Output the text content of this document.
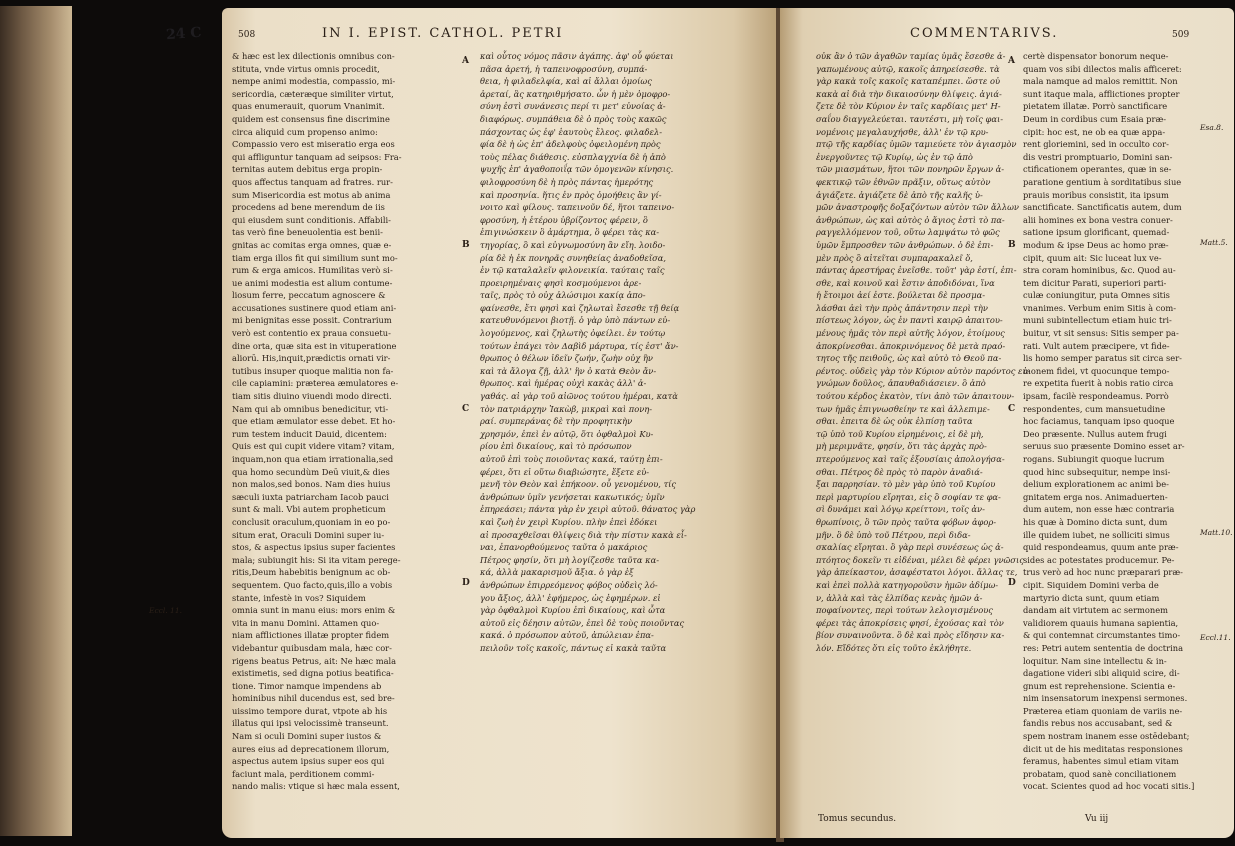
24 C	508	IN I. EPIST. CATHOL. PETRI
& hæc est lex dilectionis omnibus con-
stituta, vnde virtus omnis procedit,
nempe animi modestia, compassio, mi-
sericordia, cæteræque similiter virtut,
quas enumerauit, quorum Vnanimit.
quidem est consensus fine discrimine
circa aliquid cum propenso animo:
Compassio vero est miseratio erga eos
qui affliguntur tanquam ad seipsos: Fra-
ternitas autem debitus erga propin-
quos affectus tanquam ad fratres. rur-
sum Misericordia est motus ab anima
procedens ad bene merendum de iis
qui eiusdem sunt conditionis. Affabili-
tas verò fine beneuolentia est benii-
gnitas ac comitas erga omnes, quæ e-
tiam erga illos fit qui similium sunt mo-
rum & erga amicos. Humilitas verò si-
ue animi modestia est alium contume-
liosum ferre, peccatum agnoscere &
accusationes sustinere quod etiam ani-
mi benignitas esse possit. Contrarium
verò est contentio ex praua consuetu-
dine orta, quæ sita est in vituperatione
aliorū. His,inquit,prædictis ornati vir-
tutibus insuper quoque malitia non fa-
cile capiamini: præterea æmulatores e-
tiam sitis diuino viuendi modo directi.
Nam qui ab omnibus benedicitur, vti-
que etiam æmulator esse debet. Et ho-
rum testem inducit Dauid, dicentem:
Quis est qui cupit videre vitam? vitam,
inquam,non qua etiam irrationalia,sed
qua homo secundùm Deū viuit,& dies
non malos,sed bonos. Nam dies huius
sæculi iuxta patriarcham Iacob pauci
sunt & mali. Vbi autem propheticum
conclusit oraculum,quoniam in eo po-
situm erat, Oraculi Domini super iu-
stos, & aspectus ipsius super facientes
mala; subiungit his: Si ita vitam perege-
ritis,Deum habebitis benignum ac ob-
sequentem. Quo facto,quis,illo a vobis
stante, infestè in vos? Siquidem
omnia sunt in manu eius: mors enim &
vita in manu Domini. Attamen quo-
niam afflictiones illatæ propter fidem
videbantur quibusdam mala, hæc cor-
rigens beatus Petrus, ait: Ne hæc mala
existimetis, sed digna potius beatifica-
tione. Timor namque impendens ab
hominibus nihil ducendus est, sed bre-
uissimo tempore durat, vtpote ab his
illatus qui ipsi velocissimè transeunt.
Nam si oculi Domini super iustos &
aures eius ad deprecationem illorum,
aspectus autem ipsius super eos qui
faciunt mala, perditionem commi-
nando malis: vtique si hæc mala essent,
A
B
C
D
καὶ οὗτος νόμος πᾶσιν ἀγάπης. ἀφ' οὗ φύεται
πᾶσα ἀρετή, ἡ ταπεινοφροσύνη, συμπά-
θεια, ἡ φιλαδελφία, καὶ αἱ ἄλλαι ὁμοίως
ἀρεταί, ἃς κατηριθμήσατο. ὧν ἡ μὲν ὁμοφρο-
σύνη ἐστὶ συνάνεσις περί τι μετ' εὐνοίας ἀ-
διαφόρως. συμπάθεια δὲ ὁ πρὸς τοὺς κακῶς
πάσχοντας ὡς ἐφ' ἑαυτοὺς ἔλεος. φιλαδελ-
φία δὲ ἡ ὡς ἐπ' ἀδελφοὺς ὀφειλομένη πρὸς
τοὺς πέλας διάθεσις. εὐσπλαγχνία δὲ ἡ ἀπὸ
ψυχῆς ἐπ' ἀγαθοποιΐᾳ τῶν ὁμογενῶν κίνησις.
φιλοφροσύνη δὲ ἡ πρὸς πάντας ἡμερότης
καὶ προσηνία. ἥτις ἐν πρὸς ὁμοήθεις ἂν γί-
νοιτο καὶ φίλους. ταπεινοῦν δέ, ἥτοι ταπεινο-
φροσύνη, ἡ ἑτέρου ὑβρίζοντος φέρειν, ὃ
ἐπιγινώσκειν ὃ ἁμάρτημα, ὃ φέρει τὰς κα-
τηγορίας, ὃ καὶ εὐγνωμοσύνη ἂν εἴη. λοιδο-
ρία δὲ ἡ ἐκ πονηρᾶς συνηθείας ἀναδοθεῖσα,
ἐν τῷ καταλαλεῖν φιλονεικία. ταύταις ταῖς
προειρημέναις φησὶ κοσμούμενοι ἀρε-
ταῖς, πρὸς τὸ οὐχ ἁλώσιμοι κακίᾳ ἀπο-
φαίνεσθε, ἔτι φησὶ καὶ ζηλωταὶ ἔσεσθε τῇ θείᾳ
κατευθυνόμενοι βιοτῇ. ὁ γὰρ ὑπὸ πάντων εὐ-
λογούμενος, καὶ ζηλωτὴς ὀφείλει. ἐν τούτῳ
τούτων ἐπάγει τὸν Δαβὶδ μάρτυρα, τίς ἐστ' ἄν-
θρωπος ὁ θέλων ἰδεῖν ζωήν, ζωὴν οὐχ ἣν
καὶ τὰ ἄλογα ζῇ, ἀλλ' ἣν ὁ κατὰ Θεὸν ἄν-
θρωπος. καὶ ἡμέρας οὐχὶ κακὰς ἀλλ' ἀ-
γαθάς. αἱ γὰρ τοῦ αἰῶνος τούτου ἡμέραι, κατὰ
τὸν πατριάρχην Ἰακὼβ, μικραὶ καὶ πονη-
ραί. συμπεράνας δὲ τὴν προφητικὴν
χρησμόν, ἐπεὶ ἐν αὐτῷ, ὅτι ὀφθαλμοὶ Κυ-
ρίου ἐπὶ δικαίους, καὶ τὸ πρόσωπον
αὐτοῦ ἐπὶ τοὺς ποιοῦντας κακά, ταύτῃ ἐπι-
φέρει, ὅτι εἰ οὕτω διαβιώσητε, ἕξετε εὐ-
μενῆ τὸν Θεὸν καὶ ἐπήκοον. οὗ γενομένου, τίς
ἀνθρώπων ὑμῖν γενήσεται κακωτικός; ὑμῖν
ἐπηρεάσει; πάντα γὰρ ἐν χειρὶ αὐτοῦ. θάνατος γὰρ
καὶ ζωὴ ἐν χειρὶ Κυρίου. πλὴν ἐπεὶ ἐδόκει
αἱ προσαχθεῖσαι θλίψεις διὰ τὴν πίστιν κακὰ εἶ-
ναι, ἐπανορθούμενος ταῦτα ὁ μακάριος
Πέτρος φησίν, ὅτι μὴ λογίζεσθε ταῦτα κα-
κά, ἀλλὰ μακαρισμοῦ ἄξια. ὁ γὰρ ἐξ
ἀνθρώπων ἐπιρρεόμενος φόβος οὐδεὶς λό-
γου ἄξιος, ἀλλ' ἐφήμερος, ὡς ἐφημέρων. εἰ
γὰρ ὀφθαλμοὶ Κυρίου ἐπὶ δικαίους, καὶ ὦτα
αὐτοῦ εἰς δέησιν αὐτῶν, ἐπεὶ δὲ τοὺς ποιοῦντας
κακά. ὁ πρόσωπον αὐτοῦ, ἀπώλειαν ἐπα-
πειλοῦν τοῖς κακοῖς, πάντως εἰ κακὰ ταῦτα
Eccl. 11.
COMMENTARIVS.	509
οὐκ ἂν ὁ τῶν ἀγαθῶν ταμίας ὑμᾶς ἔσεσθε ἀ-
γαπωμένους αὐτῷ, κακοῖς ἀπηρείσεσθε. τὰ
γὰρ κακὰ τοῖς κακοῖς καταπέμπει. ὥστε οὐ
κακὰ αἱ διὰ τὴν δικαιοσύνην θλίψεις. ἀγιά-
ζετε δὲ τὸν Κύριον ἐν ταῖς καρδίαις μετ' Η-
σαΐου διαγγελεύεται. ταυτέστι, μὴ τοῖς φαι-
νομένοις μεγαλαυχήσθε, ἀλλ' ἐν τῷ κρυ-
πτῷ τῆς καρδίας ὑμῶν ταμιεύετε τὸν ἁγιασμὸν
ἐνεργοῦντες τῷ Κυρίῳ, ὡς ἐν τῷ ἀπὸ
τῶν μιασμάτων, ἥτοι τῶν πονηρῶν ἔργων ἀ-
φεκτικῷ τῶν ἐθνῶν πρᾶξιν, οὕτως αὐτὸν
ἁγιάζετε. ἁγιάζετε δὲ ἀπὸ τῆς καλῆς ὑ-
μῶν ἀναστροφῆς δοξαζόντων αὐτὸν τῶν ἄλλων
ἀνθρώπων, ὡς καὶ αὐτὸς ὁ ἅγιος ἐστὶ τὸ πα-
ραγγελλόμενον τοῦ, οὕτω λαμψάτω τὸ φῶς
ὑμῶν ἔμπροσθεν τῶν ἀνθρώπων. ὁ δὲ ἐπι-
μὲν πρὸς ὃ αἰτεῖται συμπαρακαλεῖ ὅ,
πάντας ἀρεστήρας ἐνεῖσθε. τοῦτ' γὰρ ἐστί, ἐπι-
σθε, καὶ κοινοῦ καὶ ἔστιν ἀποδιδόναι, ἵνα
ἡ ἔτοιμοι ἀεί ἐστε. βούλεται δὲ προσμα-
λάσθαι ἀεὶ τὴν πρὸς ἀπάντησιν περὶ τὴν
πίστεως λόγον, ὡς ἐν παντὶ καιρῷ ἀπαιτου-
μένους ἡμᾶς τὸν περὶ αὐτῆς λόγον, ἑτοίμους
ἀποκρίνεσθαι. ἀποκρινόμενος δὲ μετὰ πραό-
τητος τῆς πειθοῦς, ὡς καὶ αὐτὸ τὸ Θεοῦ πα-
ρέντος. οὐδεὶς γὰρ τὸν Κύριον αὐτὸν παρόντος εὐ-
γνώμων δοῦλος, ἀπαυθαδιάσειεν. ὃ ἀπὸ
τούτου κέρδος ἑκατὸν, τίνι ἀπὸ τῶν ἀπαιτουν-
των ἡμᾶς ἐπιγνωσθείην τε καὶ ἀλλεπιμε-
σθαι. ἐπειτα δὲ ὡς οὐκ ἐλπίσῃ ταῦτα
τῷ ὑπὸ τοῦ Κυρίου εἰρημένοις, εἰ δὲ μὴ,
μὴ μεριμνᾶτε, φησίν, ὅτι τὰς ἀρχὰς πρὸ-
πτερούμενος καὶ ταῖς ἐξουσίαις ἀπολογήσα-
σθαι. Πέτρος δὲ πρὸς τὸ παρὸν ἀναδιά-
ξαι παρρησίαν. τὸ μὲν γὰρ ὑπὸ τοῦ Κυρίου
περὶ μαρτυρίου εἴρηται, εἰς ὃ σοφίαν τε φα-
σὶ δυνάμει καὶ λόγῳ κρείττονι, τοῖς ἀν-
θρωπίνοις, ὃ τῶν πρὸς ταῦτα φόβων ἀφορ-
μῆν. ὃ δὲ ὑπὸ τοῦ Πέτρου, περὶ διδα-
σκαλίας εἴρηται. ὃ γὰρ περὶ συνέσεως ὡς ἀ-
πτόητος δοκεῖν τι εἰδέναι, μέλει δὲ φέρει γνῶσις
γὰρ ἀπείκαστον, ἀσαφέστατοι λόγοι. ἄλλας τε,
καὶ ἐπεὶ πολλὰ κατηγοροῦσιν ἡμῶν ἀδίμω-
ν, ἀλλὰ καὶ τὰς ἐλπίδας κενὰς ἡμῶν ἀ-
ποφαίνοντες, περὶ τούτων λελογισμένους
φέρει τὰς ἀποκρίσεις φησί, ἐχούσας καὶ τὸν
βίον συναινοῦντα. ὃ δὲ καὶ πρὸς εἴδησιν κα-
λόν. Εἴδότες ὅτι εἰς τοῦτο ἐκλήθητε.
A
B
C
D
certè dispensator bonorum neque-
quam vos sibi dilectos malis afficeret:
mala namque ad malos remittit. Non
sunt itaque mala, afflictiones propter
pietatem illatæ. Porrò sanctificare
Deum in cordibus cum Esaia præ-
cipit: hoc est, ne ob ea quæ appa-
rent gloriemini, sed in occulto cor-
dis vestri promptuario, Domini san-
ctificationem operantes, quæ in se-
paratione gentium à sorditatibus siue
prauis moribus consistit, ita ipsum
sanctificate. Sanctificatis autem, dum
alii homines ex bona vestra conuer-
satione ipsum glorificant, quemad-
modum & ipse Deus ac homo præ-
cipit, quum ait: Sic luceat lux ve-
stra coram hominibus, &c. Quod au-
tem dicitur Parati, superiori parti-
culæ coniungitur, puta Omnes sitis
vnanimes. Verbum enim Sitis à com-
muni subintellectum etiam huic tri-
buitur, vt sit sensus: Sitis semper pa-
rati. Vult autem præcipere, vt fide-
lis homo semper paratus sit circa ser-
monem fidei, vt quocunque tempo-
re expetita fuerit à nobis ratio circa
ipsam, facilè respondeamus. Porrò
respondentes, cum mansuetudine
hoc faciamus, tanquam ipso quoque
Deo præsente. Nullus autem frugi
seruus suo præsente Domino esset ar-
rogans. Subiungit quoque lucrum
quod hinc subsequitur, nempe insi-
delium explorationem ac animi be-
gnitatem erga nos. Animaduerten-
dum autem, non esse hæc contraria
his quæ à Domino dicta sunt, dum
ille quidem iubet, ne solliciti simus
quid respondeamus, quum ante præ-
sides ac potestates producemur. Pe-
trus verò ad hoc nunc præparari præ-
cipit. Siquidem Domini verba de
martyrio dicta sunt, quum etiam
dandam ait virtutem ac sermonem
validiorem quauis humana sapientia,
& qui contemnat circumstantes timo-
res: Petri autem sententia de doctrina
loquitur. Nam sine intellectu & in-
dagatione videri sibi aliquid scire, di-
gnum est reprehensione. Scientia e-
nim insensatorum inexpensi sermones.
Præterea etiam quoniam de variis ne-
fandis rebus nos accusabant, sed &
spem nostram inanem esse ostēdebant;
dicit ut de his meditatas responsiones
feramus, habentes simul etiam vitam
probatam, quod sanè conciliationem
vocat. Scientes quod ad hoc vocati sitis.]
Esa.8.
Matt.5.
Matt.10.
Eccl.11.
Tomus secundus.	Vu iij
